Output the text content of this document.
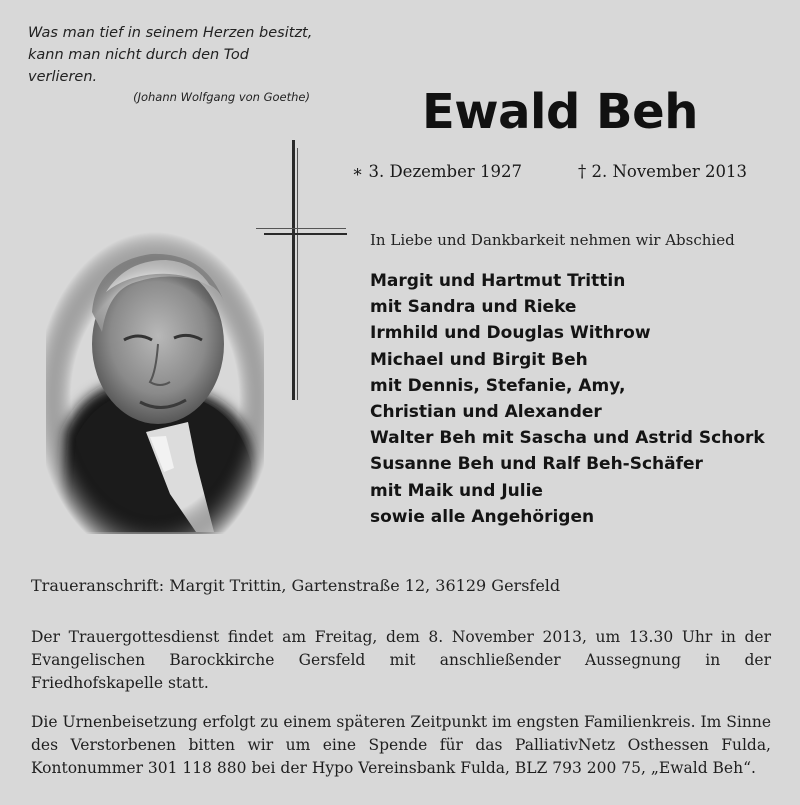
Was man tief in seinem Herzen besitzt,
kann man nicht durch den Tod verlieren.
(Johann Wolfgang von Goethe) Ewald Beh
∗ 3. Dezember 1927	† 2. November 2013
In Liebe und Dankbarkeit nehmen wir Abschied
Margit und Hartmut Trittin
mit Sandra und Rieke
Irmhild und Douglas Withrow
Michael und Birgit Beh
mit Dennis, Stefanie, Amy,
Christian und Alexander
Walter Beh mit Sascha und Astrid Schork
Susanne Beh und Ralf Beh-Schäfer
mit Maik und Julie
sowie alle Angehörigen
Traueranschrift: Margit Trittin, Gartenstraße 12, 36129 Gersfeld

Der Trauergottesdienst findet am Freitag, dem 8. November 2013, um 13.30 Uhr in der Evangelischen Barockkirche Gersfeld mit anschließender Aussegnung in der Friedhofskapelle statt.

Die Urnenbeisetzung erfolgt zu einem späteren Zeitpunkt im engsten Familienkreis. Im Sinne des Verstorbenen bitten wir um eine Spende für das PalliativNetz Osthessen Fulda, Kontonummer 301 118 880 bei der Hypo Vereinsbank Fulda, BLZ 793 200 75, „Ewald Beh“.
